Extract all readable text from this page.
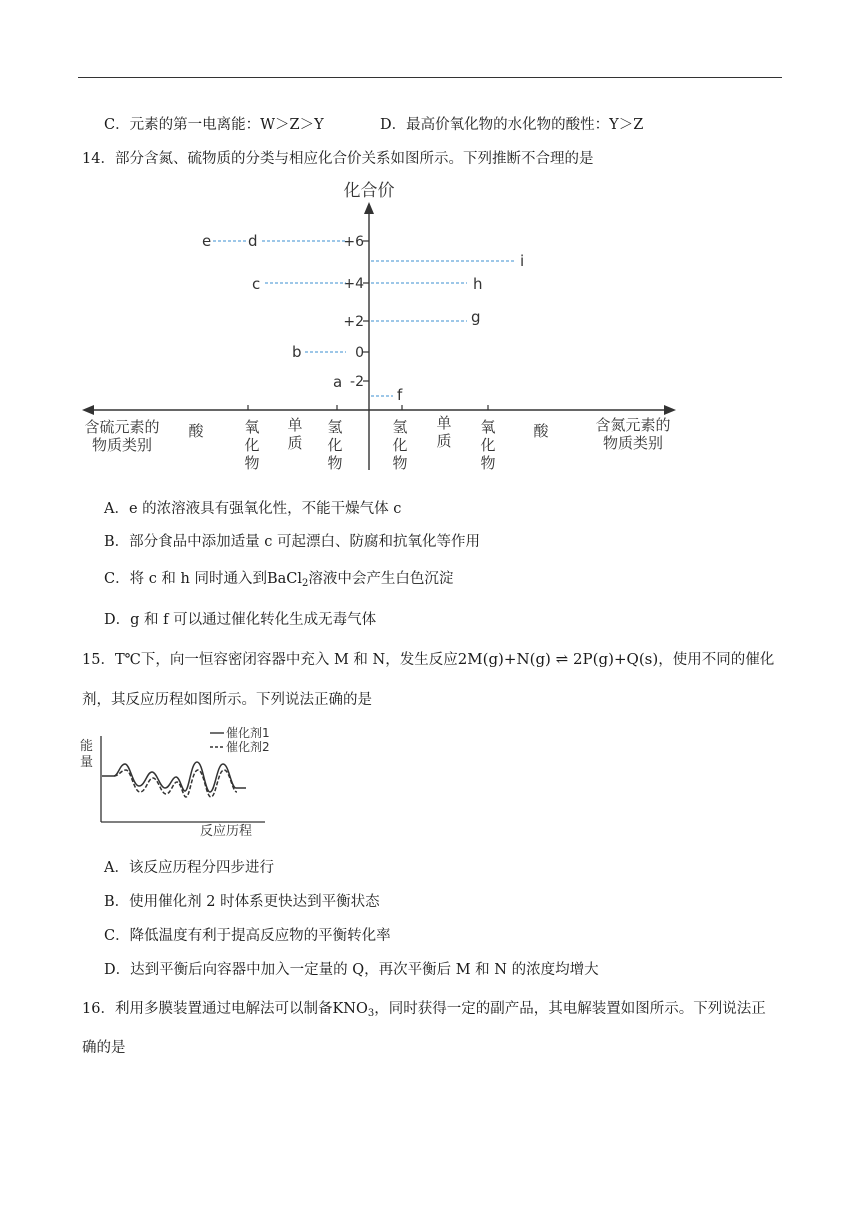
C．元素的第一电离能：W＞Z＞Y	D．最高价氧化物的水化物的酸性：Y＞Z
14．部分含氮、硫物质的分类与相应化合价关系如图所示。下列推断不合理的是
化合价
+6
+4
+2
0
-2
e d
c
b
a
f
g
h
i
含硫元素的
物质类别
含氮元素的
物质类别
酸	氧
化
物
单
质
氢
化
物
氢
化
物
单
质
氧
化
物
酸
A．e 的浓溶液具有强氧化性，不能干燥气体 c
B．部分食品中添加适量 c 可起漂白、防腐和抗氧化等作用
C．将 c 和 h 同时通入到BaCl$_2$溶液中会产生白色沉淀
D．g 和 f 可以通过催化转化生成无毒气体
15．T℃下，向一恒容密闭容器中充入 M 和 N，发生反应2M(g)+N(g) ⇌ 2P(g)+Q(s)，使用不同的催化
剂，其反应历程如图所示。下列说法正确的是
能
量
反应历程
催化剂1
催化剂2
A．该反应历程分四步进行
B．使用催化剂 2 时体系更快达到平衡状态
C．降低温度有利于提高反应物的平衡转化率
D．达到平衡后向容器中加入一定量的 Q，再次平衡后 M 和 N 的浓度均增大
16．利用多膜装置通过电解法可以制备$KNO_3$，同时获得一定的副产品，其电解装置如图所示。下列说法正
确的是
